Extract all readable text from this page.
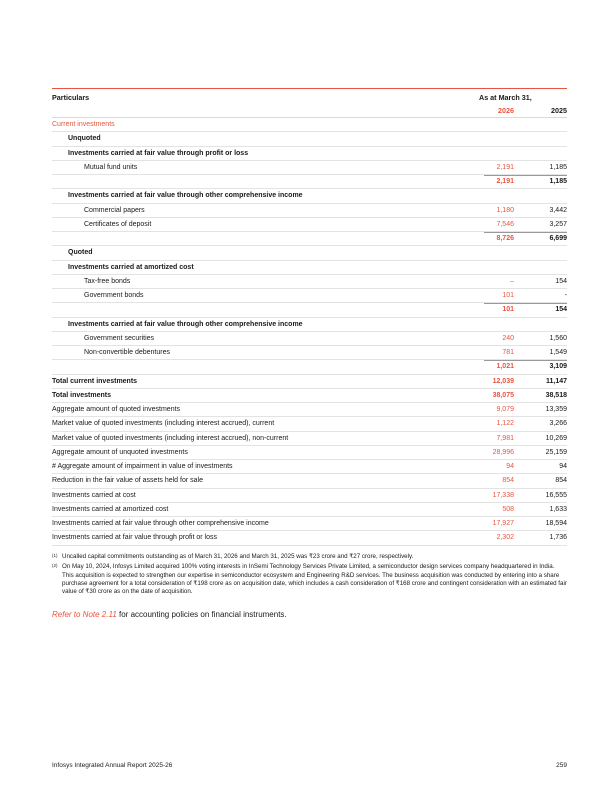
Particulars	As at March 31,
2026	2025
Current investments
Unquoted
Investments carried at fair value through profit or loss
Mutual fund units	2,191	1,185
2,191	1,185
Investments carried at fair value through other comprehensive income
Commercial papers	1,180	3,442
Certificates of deposit	7,546	3,257
8,726	6,699
Quoted
Investments carried at amortized cost
Tax-free bonds	–	154
Government bonds	101	-
101	154
Investments carried at fair value through other comprehensive income
Government securities	240	1,560
Non-convertible debentures	781	1,549
1,021	3,109
Total current investments	12,039	11,147
Total investments	38,075	38,518
Aggregate amount of quoted investments	9,079	13,359
Market value of quoted investments (including interest accrued), current	1,122	3,266
Market value of quoted investments (including interest accrued), non-current	7,981	10,269
Aggregate amount of unquoted investments	28,996	25,159
# Aggregate amount of impairment in value of investments	94	94
Reduction in the fair value of assets held for sale	854	854
Investments carried at cost	17,338	16,555
Investments carried at amortized cost	508	1,633
Investments carried at fair value through other comprehensive income	17,927	18,594
Investments carried at fair value through profit or loss	2,302	1,736
(1) Uncalled capital commitments outstanding as of March 31, 2026 and March 31, 2025 was ₹23 crore and ₹27 crore, respectively.
(2) On May 10, 2024, Infosys Limited acquired 100% voting interests in InSemi Technology Services Private Limited, a semiconductor design services company headquartered in India. This acquisition is expected to strengthen our expertise in semiconductor ecosystem and Engineering R&D services. The business acquisition was conducted by entering into a share purchase agreement for a total consideration of ₹198 crore as on acquisition date, which includes a cash consideration of ₹168 crore and contingent consideration with an estimated fair value of ₹30 crore as on the date of acquisition.
Refer to Note 2.11 for accounting policies on financial instruments.
Infosys Integrated Annual Report 2025-26	259
